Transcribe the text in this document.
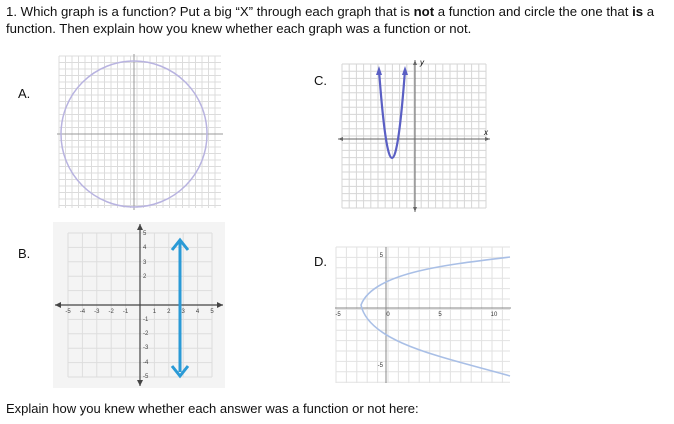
1. Which graph is a function? Put a big “X” through each graph that is not a function and circle the one that is a function. Then explain how you knew whether each graph was a function or not.
A.
B.
C.
D.
-5 -4 -3 -2 -1	1 2 3 4 5
5
4
3
2
-1
-2
-3
-4
-5
x
y
-5	0	5	10
5
-5
Explain how you knew whether each answer was a function or not here:
